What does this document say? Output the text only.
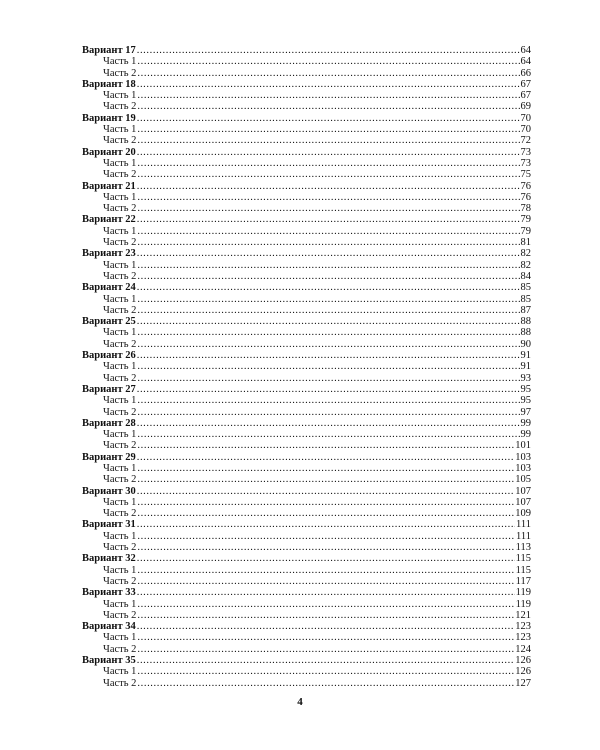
Вариант 17 .....	64
Часть 1 .....	64
Часть 2 .....	66
Вариант 18 .....	67
Часть 1 .....	67
Часть 2 .....	69
Вариант 19 .....	70
Часть 1 .....	70
Часть 2 .....	72
Вариант 20 .....	73
Часть 1 .....	73
Часть 2 .....	75
Вариант 21 .....	76
Часть 1 .....	76
Часть 2 .....	78
Вариант 22 .....	79
Часть 1 .....	79
Часть 2 .....	81
Вариант 23 .....	82
Часть 1 .....	82
Часть 2 .....	84
Вариант 24 .....	85
Часть 1 .....	85
Часть 2 .....	87
Вариант 25 .....	88
Часть 1 .....	88
Часть 2 .....	90
Вариант 26 .....	91
Часть 1 .....	91
Часть 2 .....	93
Вариант 27 .....	95
Часть 1 .....	95
Часть 2 .....	97
Вариант 28 .....	99
Часть 1 .....	99
Часть 2 .....	101
Вариант 29 .....	103
Часть 1 .....	103
Часть 2 .....	105
Вариант 30 .....	107
Часть 1 .....	107
Часть 2 .....	109
Вариант 31 .....	111
Часть 1 .....	111
Часть 2 .....	113
Вариант 32 .....	115
Часть 1 .....	115
Часть 2 .....	117
Вариант 33 .....	119
Часть 1 .....	119
Часть 2 .....	121
Вариант 34 .....	123
Часть 1 .....	123
Часть 2 .....	124
Вариант 35 .....	126
Часть 1 .....	126
Часть 2 .....	127
4
